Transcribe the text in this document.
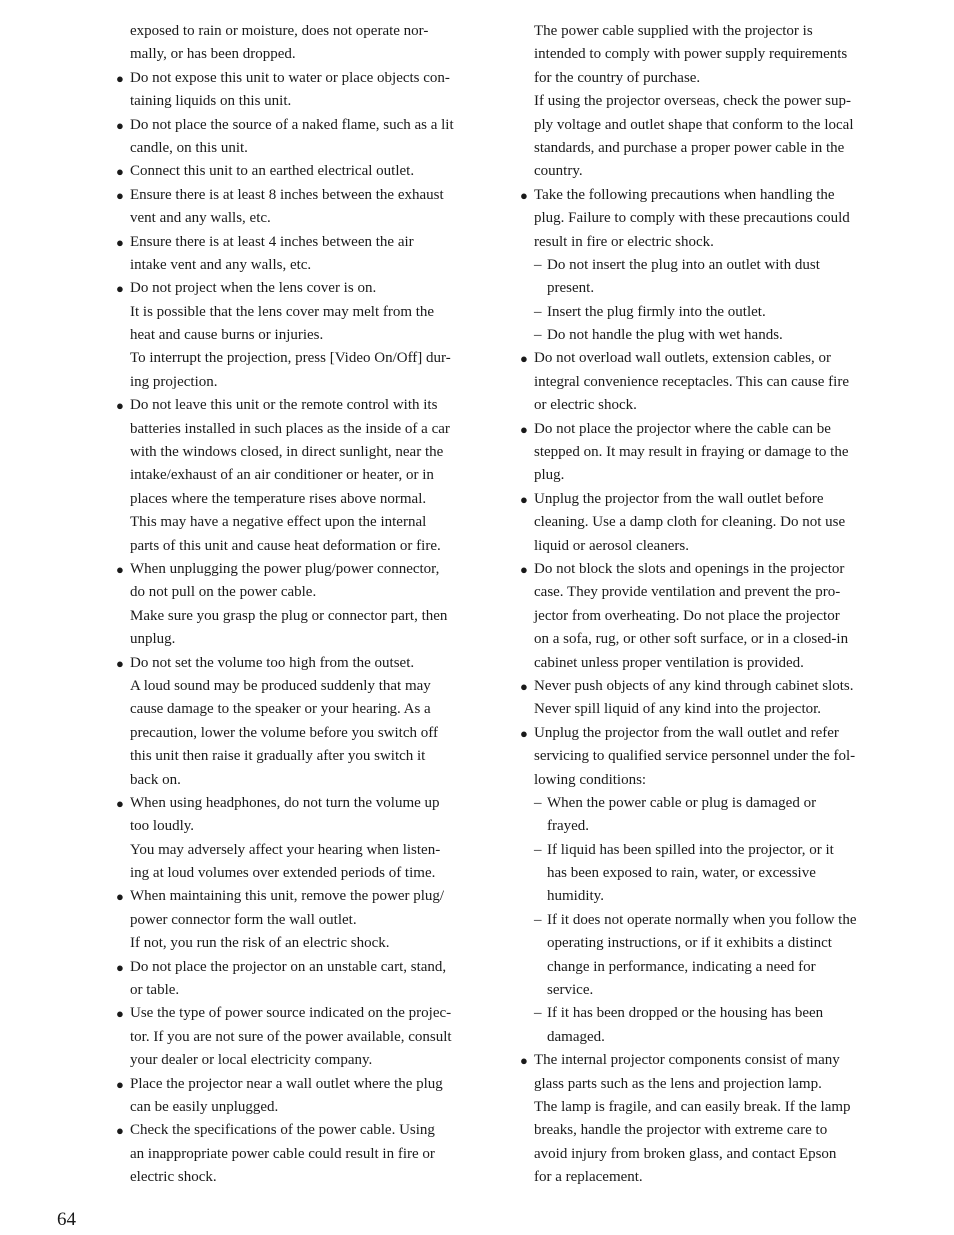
exposed to rain or moisture, does not operate nor-
mally, or has been dropped.
● Do not expose this unit to water or place objects con-
taining liquids on this unit.
● Do not place the source of a naked flame, such as a lit
candle, on this unit.
● Connect this unit to an earthed electrical outlet.
● Ensure there is at least 8 inches between the exhaust
vent and any walls, etc.
● Ensure there is at least 4 inches between the air
intake vent and any walls, etc.
● Do not project when the lens cover is on.
It is possible that the lens cover may melt from the
heat and cause burns or injuries.
To interrupt the projection, press [Video On/Off] dur-
ing projection.
● Do not leave this unit or the remote control with its
batteries installed in such places as the inside of a car
with the windows closed, in direct sunlight, near the
intake/exhaust of an air conditioner or heater, or in
places where the temperature rises above normal.
This may have a negative effect upon the internal
parts of this unit and cause heat deformation or fire.
● When unplugging the power plug/power connector,
do not pull on the power cable.
Make sure you grasp the plug or connector part, then
unplug.
● Do not set the volume too high from the outset.
A loud sound may be produced suddenly that may
cause damage to the speaker or your hearing. As a
precaution, lower the volume before you switch off
this unit then raise it gradually after you switch it
back on.
● When using headphones, do not turn the volume up
too loudly.
You may adversely affect your hearing when listen-
ing at loud volumes over extended periods of time.
● When maintaining this unit, remove the power plug/
power connector form the wall outlet.
If not, you run the risk of an electric shock.
● Do not place the projector on an unstable cart, stand,
or table.
● Use the type of power source indicated on the projec-
tor. If you are not sure of the power available, consult
your dealer or local electricity company.
● Place the projector near a wall outlet where the plug
can be easily unplugged.
● Check the specifications of the power cable. Using
an inappropriate power cable could result in fire or
electric shock.
The power cable supplied with the projector is
intended to comply with power supply requirements
for the country of purchase.
If using the projector overseas, check the power sup-
ply voltage and outlet shape that conform to the local
standards, and purchase a proper power cable in the
country.
● Take the following precautions when handling the
plug. Failure to comply with these precautions could
result in fire or electric shock.
– Do not insert the plug into an outlet with dust
present.
– Insert the plug firmly into the outlet.
– Do not handle the plug with wet hands.
● Do not overload wall outlets, extension cables, or
integral convenience receptacles. This can cause fire
or electric shock.
● Do not place the projector where the cable can be
stepped on. It may result in fraying or damage to the
plug.
● Unplug the projector from the wall outlet before
cleaning. Use a damp cloth for cleaning. Do not use
liquid or aerosol cleaners.
● Do not block the slots and openings in the projector
case. They provide ventilation and prevent the pro-
jector from overheating. Do not place the projector
on a sofa, rug, or other soft surface, or in a closed-in
cabinet unless proper ventilation is provided.
● Never push objects of any kind through cabinet slots.
Never spill liquid of any kind into the projector.
● Unplug the projector from the wall outlet and refer
servicing to qualified service personnel under the fol-
lowing conditions:
– When the power cable or plug is damaged or
frayed.
– If liquid has been spilled into the projector, or it
has been exposed to rain, water, or excessive
humidity.
– If it does not operate normally when you follow the
operating instructions, or if it exhibits a distinct
change in performance, indicating a need for
service.
– If it has been dropped or the housing has been
damaged.
● The internal projector components consist of many
glass parts such as the lens and projection lamp.
The lamp is fragile, and can easily break. If the lamp
breaks, handle the projector with extreme care to
avoid injury from broken glass, and contact Epson
for a replacement.
64
